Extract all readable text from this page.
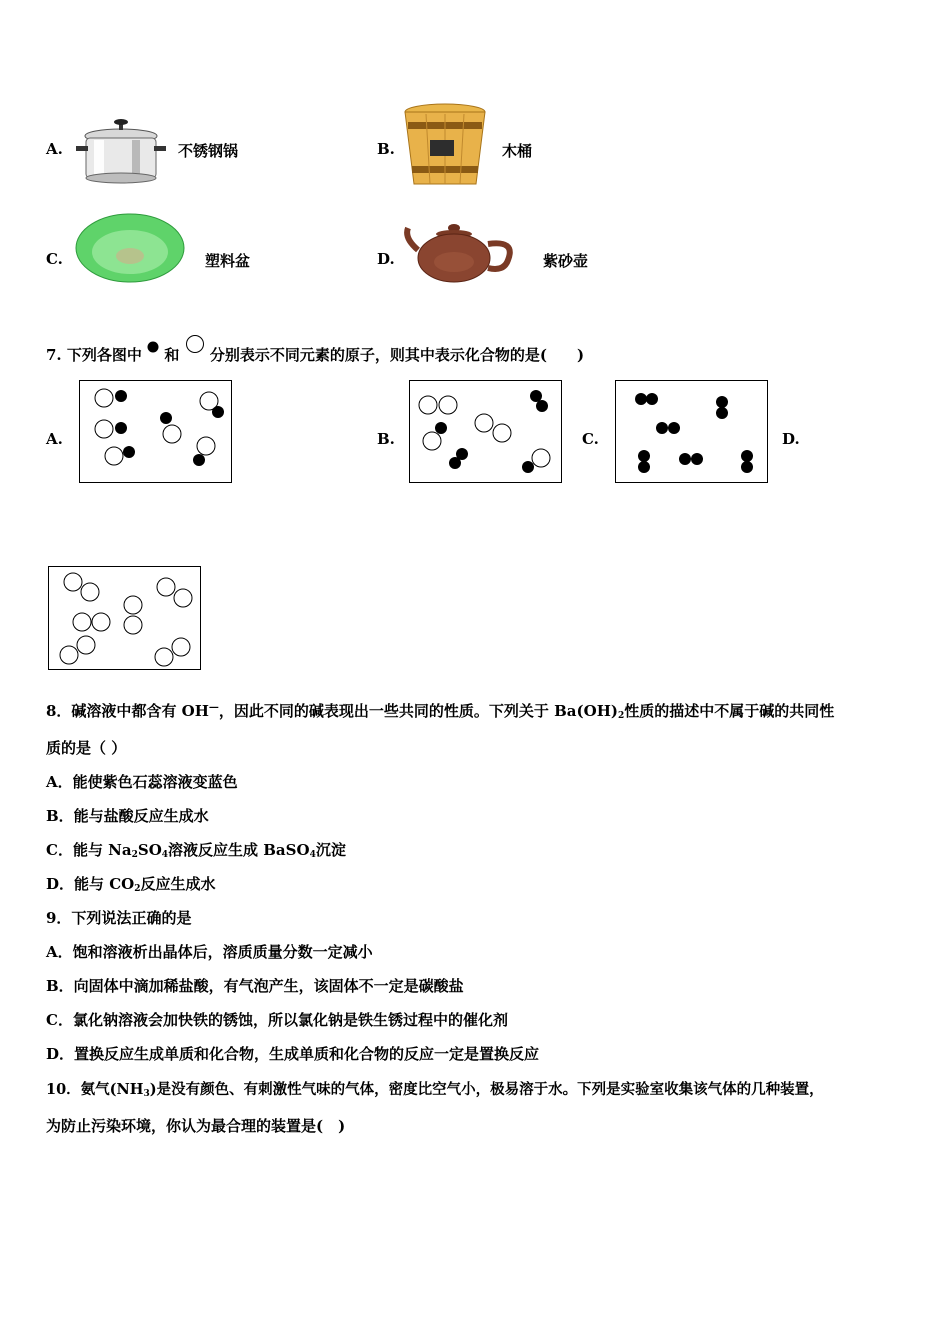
A.	不锈钢锅	B.	木桶
C.	塑料盆	D.	紫砂壶
7. 下列各图中 和 分别表示不同元素的原子，则其中表示化合物的是(　　)
A.	B.	C.	D.
8．碱溶液中都含有 OH—，因此不同的碱表现出一些共同的性质。下列关于 $Ba(OH)_2$性质的描述中不属于碱的共同性
质的是（ ）
A．能使紫色石蕊溶液变蓝色
B．能与盐酸反应生成水
C．能与 $Na_2SO_4$溶液反应生成 BaSO$_4$沉淀
D．能与 $CO_2$反应生成水
9．下列说法正确的是
A．饱和溶液析出晶体后，溶质质量分数一定减小
B．向固体中滴加稀盐酸，有气泡产生，该固体不一定是碳酸盐
C．氯化钠溶液会加快铁的锈蚀，所以氯化钠是铁生锈过程中的催化剂
D．置换反应生成单质和化合物，生成单质和化合物的反应一定是置换反应
10．氨气$(NH_3)$是没有颜色、有刺激性气味的气体，密度比空气小，极易溶于水。下列是实验室收集该气体的几种装置，
为防止污染环境，你认为最合理的装置是(　)
